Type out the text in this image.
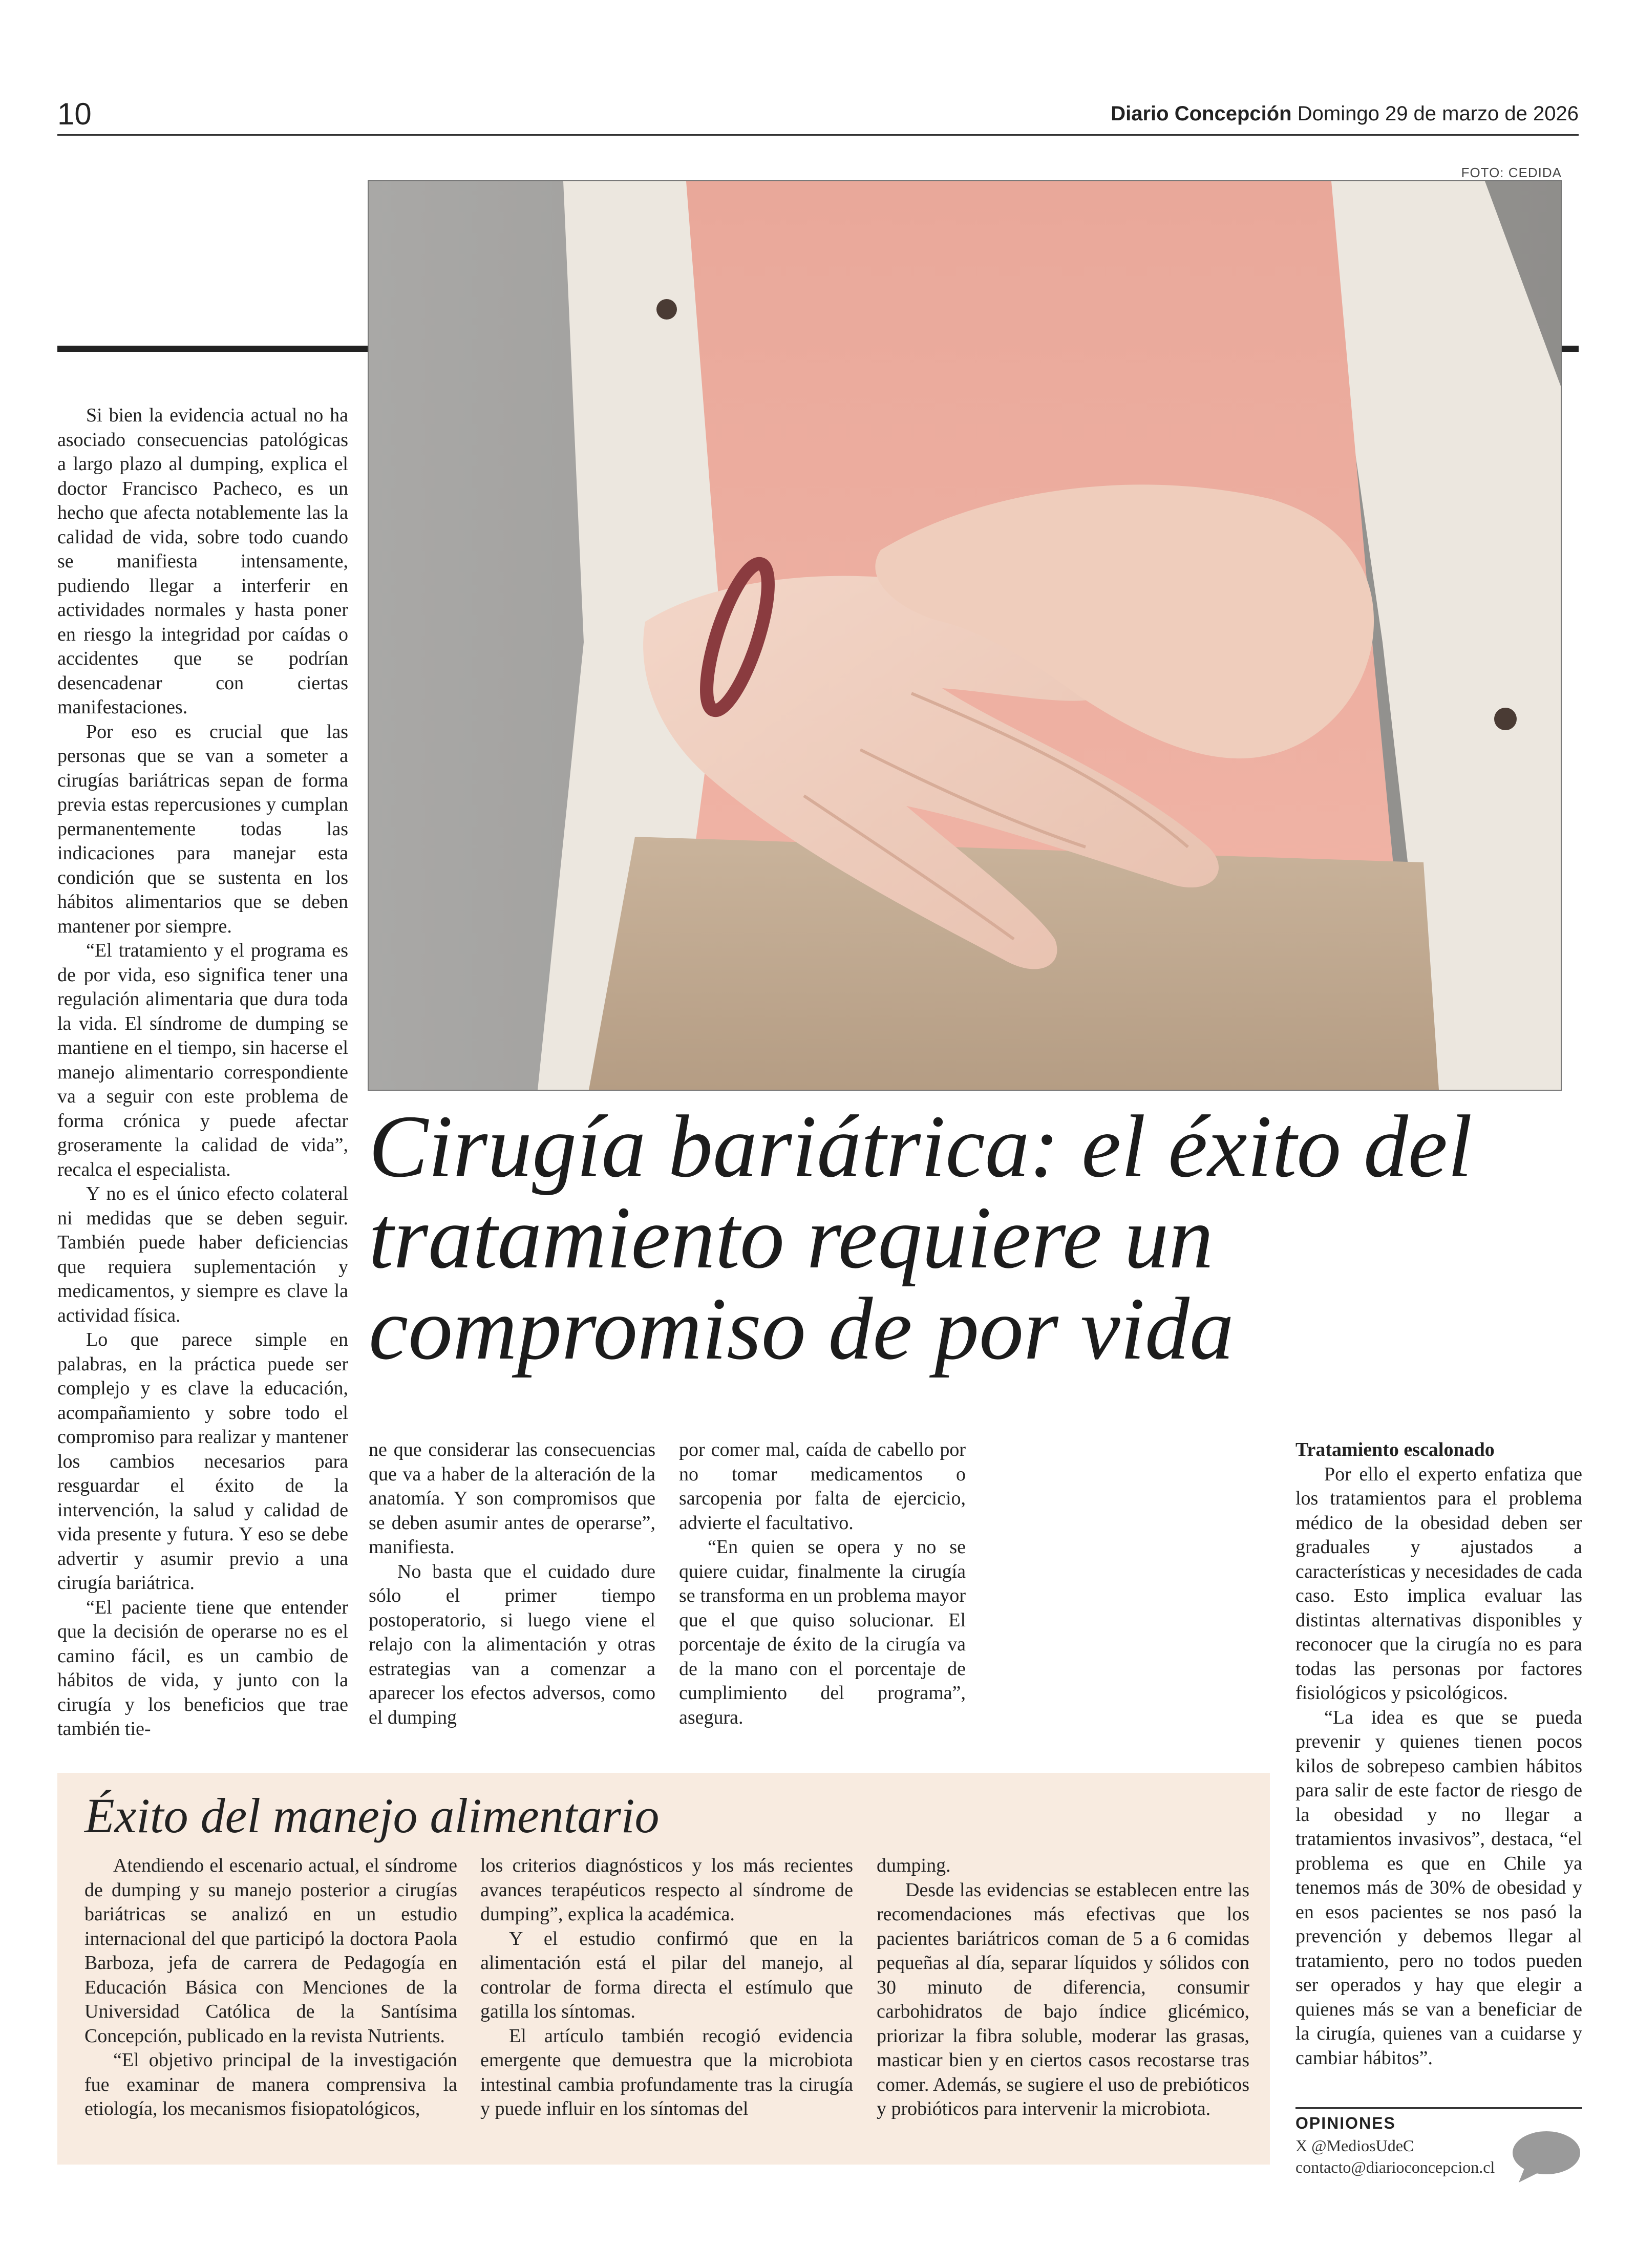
10	Diario Concepción Domingo 29 de marzo de 2026
FOTO: CEDIDA
Cirugía bariátrica: el éxito del tratamiento requiere un compromiso de por vida

Si bien la evidencia actual no ha asociado consecuencias patológicas a largo plazo al dumping, explica el doctor Francisco Pacheco, es un hecho que afecta notablemente las la calidad de vida, sobre todo cuando se manifiesta intensamente, pudiendo llegar a interferir en actividades normales y hasta poner en riesgo la integridad por caídas o accidentes que se podrían desencadenar con ciertas manifestaciones.

Por eso es crucial que las personas que se van a someter a cirugías bariátricas sepan de forma previa estas repercusiones y cumplan permanentemente todas las indicaciones para manejar esta condición que se sustenta en los hábitos alimentarios que se deben mantener por siempre.

“El tratamiento y el programa es de por vida, eso significa tener una regulación alimentaria que dura toda la vida. El síndrome de dumping se mantiene en el tiempo, sin hacerse el manejo alimentario correspondiente va a seguir con este problema de forma crónica y puede afectar groseramente la calidad de vida”, recalca el especialista.

Y no es el único efecto colateral ni medidas que se deben seguir. También puede haber deficiencias que requiera suplementación y medicamentos, y siempre es clave la actividad física.

Lo que parece simple en palabras, en la práctica puede ser complejo y es clave la educación, acompañamiento y sobre todo el compromiso para realizar y mantener los cambios necesarios para resguardar el éxito de la intervención, la salud y calidad de vida presente y futura. Y eso se debe advertir y asumir previo a una cirugía bariátrica.

“El paciente tiene que entender que la decisión de operarse no es el camino fácil, es un cambio de hábitos de vida, y junto con la cirugía y los beneficios que trae también tie-

ne que considerar las consecuencias que va a haber de la alteración de la anatomía. Y son compromisos que se deben asumir antes de operarse”, manifiesta.

No basta que el cuidado dure sólo el primer tiempo postoperatorio, si luego viene el relajo con la alimentación y otras estrategias van a comenzar a aparecer los efectos adversos, como el dumping

por comer mal, caída de cabello por no tomar medicamentos o sarcopenia por falta de ejercicio, advierte el facultativo.

“En quien se opera y no se quiere cuidar, finalmente la cirugía se transforma en un problema mayor que el que quiso solucionar. El porcentaje de éxito de la cirugía va de la mano con el porcentaje de cumplimiento del programa”, asegura.

Tratamiento escalonado

Por ello el experto enfatiza que los tratamientos para el problema médico de la obesidad deben ser graduales y ajustados a características y necesidades de cada caso. Esto implica evaluar las distintas alternativas disponibles y reconocer que la cirugía no es para todas las personas por factores fisiológicos y psicológicos.

“La idea es que se pueda prevenir y quienes tienen pocos kilos de sobrepeso cambien hábitos para salir de este factor de riesgo de la obesidad y no llegar a tratamientos invasivos”, destaca, “el problema es que en Chile ya tenemos más de 30% de obesidad y en esos pacientes se nos pasó la prevención y debemos llegar al tratamiento, pero no todos pueden ser operados y hay que elegir a quienes más se van a beneficiar de la cirugía, quienes van a cuidarse y cambiar hábitos”.

Éxito del manejo alimentario

Atendiendo el escenario actual, el síndrome de dumping y su manejo posterior a cirugías bariátricas se analizó en un estudio internacional del que participó la doctora Paola Barboza, jefa de carrera de Pedagogía en Educación Básica con Menciones de la Universidad Católica de la Santísima Concepción, publicado en la revista Nutrients.

“El objetivo principal de la investigación fue examinar de manera comprensiva la etiología, los mecanismos fisiopatológicos,

los criterios diagnósticos y los más recientes avances terapéuticos respecto al síndrome de dumping”, explica la académica.

Y el estudio confirmó que en la alimentación está el pilar del manejo, al controlar de forma directa el estímulo que gatilla los síntomas.

El artículo también recogió evidencia emergente que demuestra que la microbiota intestinal cambia profundamente tras la cirugía y puede influir en los síntomas del

dumping.

Desde las evidencias se establecen entre las recomendaciones más efectivas que los pacientes bariátricos coman de 5 a 6 comidas pequeñas al día, separar líquidos y sólidos con 30 minuto de diferencia, consumir carbohidratos de bajo índice glicémico, priorizar la fibra soluble, moderar las grasas, masticar bien y en ciertos casos recostarse tras comer. Además, se sugiere el uso de prebióticos y probióticos para intervenir la microbiota.

OPINIONES
X @MediosUdeC
contacto@diarioconcepcion.cl
